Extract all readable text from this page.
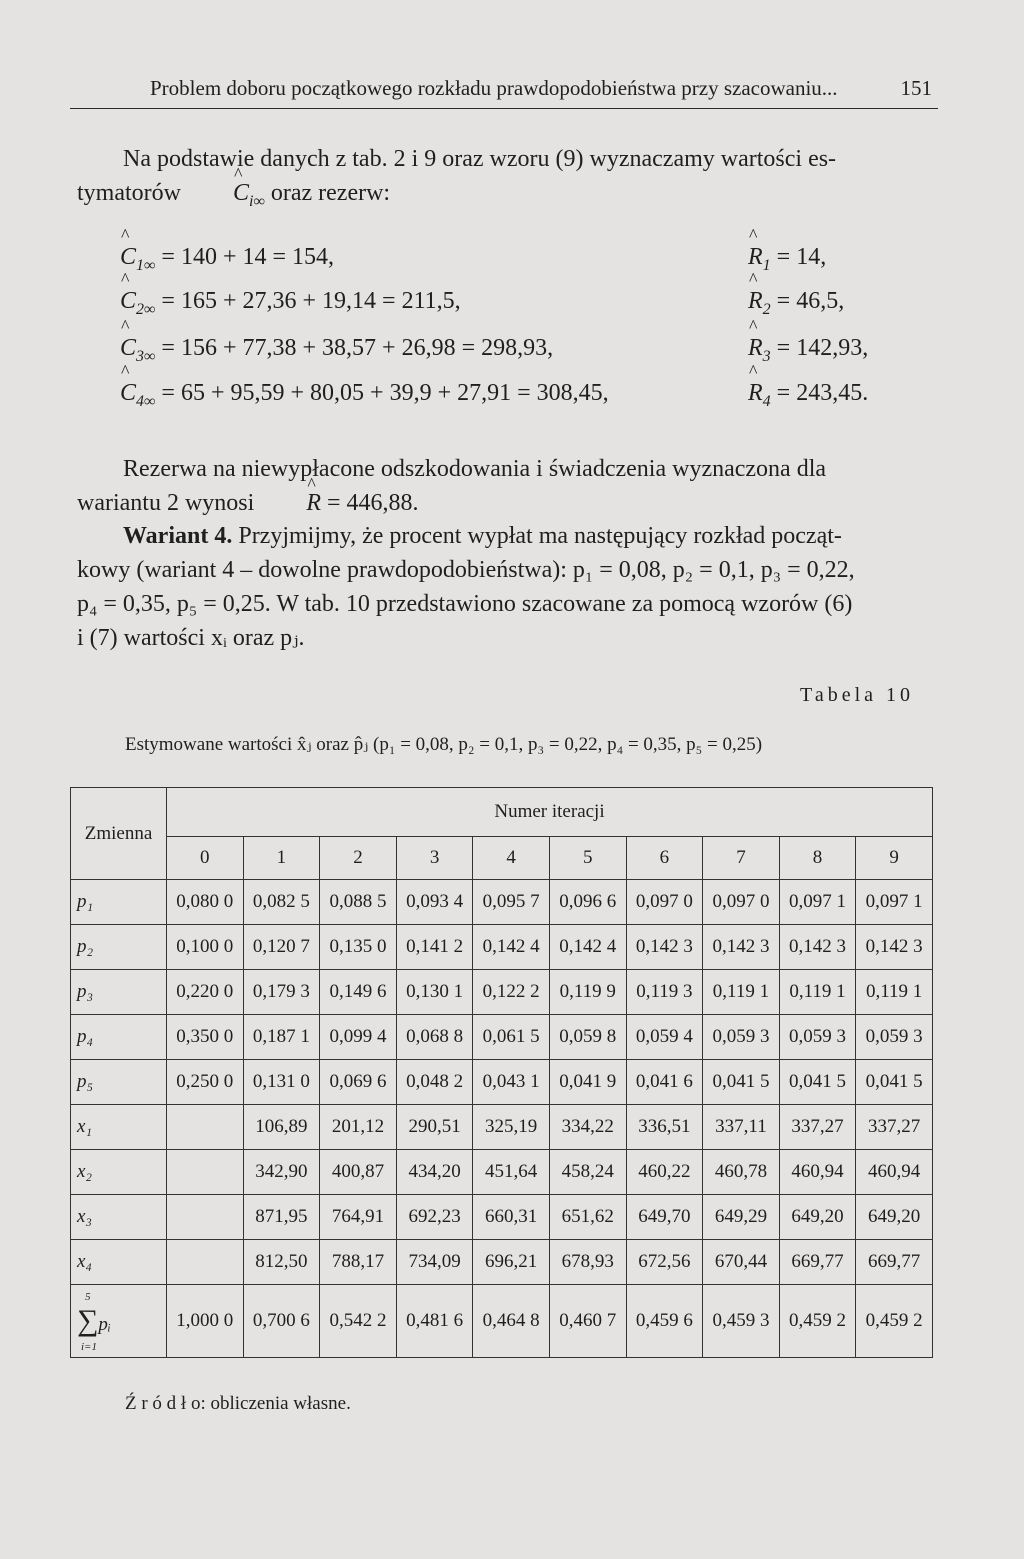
Problem doboru początkowego rozkładu prawdopodobieństwa przy szacowaniu...	151

Na podstawie danych z tab. 2 i 9 oraz wzoru (9) wyznaczamy wartości es-
tymatorów ^ $C_{i\infty}$ oraz rezerw:

^ $C_{1\infty} = 140 + 14 = 154$,	^ $R_1 = 14$,
^ $C_{2\infty} = 165 + 27,36 + 19,14 = 211,5$,	^ $R_2 = 46,5$,
^ $C_{3\infty} = 156 + 77,38 + 38,57 + 26,98 = 298,93$,	^ $R_3 = 142,93$,
^ $C_{4\infty} = 65 + 95,59 + 80,05 + 39,9 + 27,91 = 308,45$,	^ $R_4 = 243,45$.

Rezerwa na niewypłacone odszkodowania i świadczenia wyznaczona dla
wariantu 2 wynosi ^ R = 446,88.

Wariant 4. Przyjmijmy, że procent wypłat ma następujący rozkład począt-
kowy (wariant 4 – dowolne prawdopodobieństwa): p₁ = 0,08, p₂ = 0,1, p₃ = 0,22,
p₄ = 0,35, p₅ = 0,25. W tab. 10 przedstawiono szacowane za pomocą wzorów (6)
i (7) wartości xᵢ oraz pⱼ.

Tabela 10
Estymowane wartości x̂ⱼ oraz p̂ⱼ (p₁ = 0,08, p₂ = 0,1, p₃ = 0,22, p₄ = 0,35, p₅ = 0,25)
Zmienna	Numer iteracji									
	0	1	2	3	4	5	6	7	8	9
p₁	0,080 0	0,082 5	0,088 5	0,093 4	0,095 7	0,096 6	0,097 0	0,097 0	0,097 1	0,097 1
p₂	0,100 0	0,120 7	0,135 0	0,141 2	0,142 4	0,142 4	0,142 3	0,142 3	0,142 3	0,142 3
p₃	0,220 0	0,179 3	0,149 6	0,130 1	0,122 2	0,119 9	0,119 3	0,119 1	0,119 1	0,119 1
p₄	0,350 0	0,187 1	0,099 4	0,068 8	0,061 5	0,059 8	0,059 4	0,059 3	0,059 3	0,059 3
p₅	0,250 0	0,131 0	0,069 6	0,048 2	0,043 1	0,041 9	0,041 6	0,041 5	0,041 5	0,041 5
x₁		106,89	201,12	290,51	325,19	334,22	336,51	337,11	337,27	337,27
x₂		342,90	400,87	434,20	451,64	458,24	460,22	460,78	460,94	460,94
x₃		871,95	764,91	692,23	660,31	651,62	649,70	649,29	649,20	649,20
x₄		812,50	788,17	734,09	696,21	678,93	672,56	670,44	669,77	669,77

5
∑pᵢ
i=1	1,000 0	0,700 6	0,542 2	0,481 6	0,464 8	0,460 7	0,459 6	0,459 3	0,459 2	0,459 2
Ź r ó d ł o: obliczenia własne.
